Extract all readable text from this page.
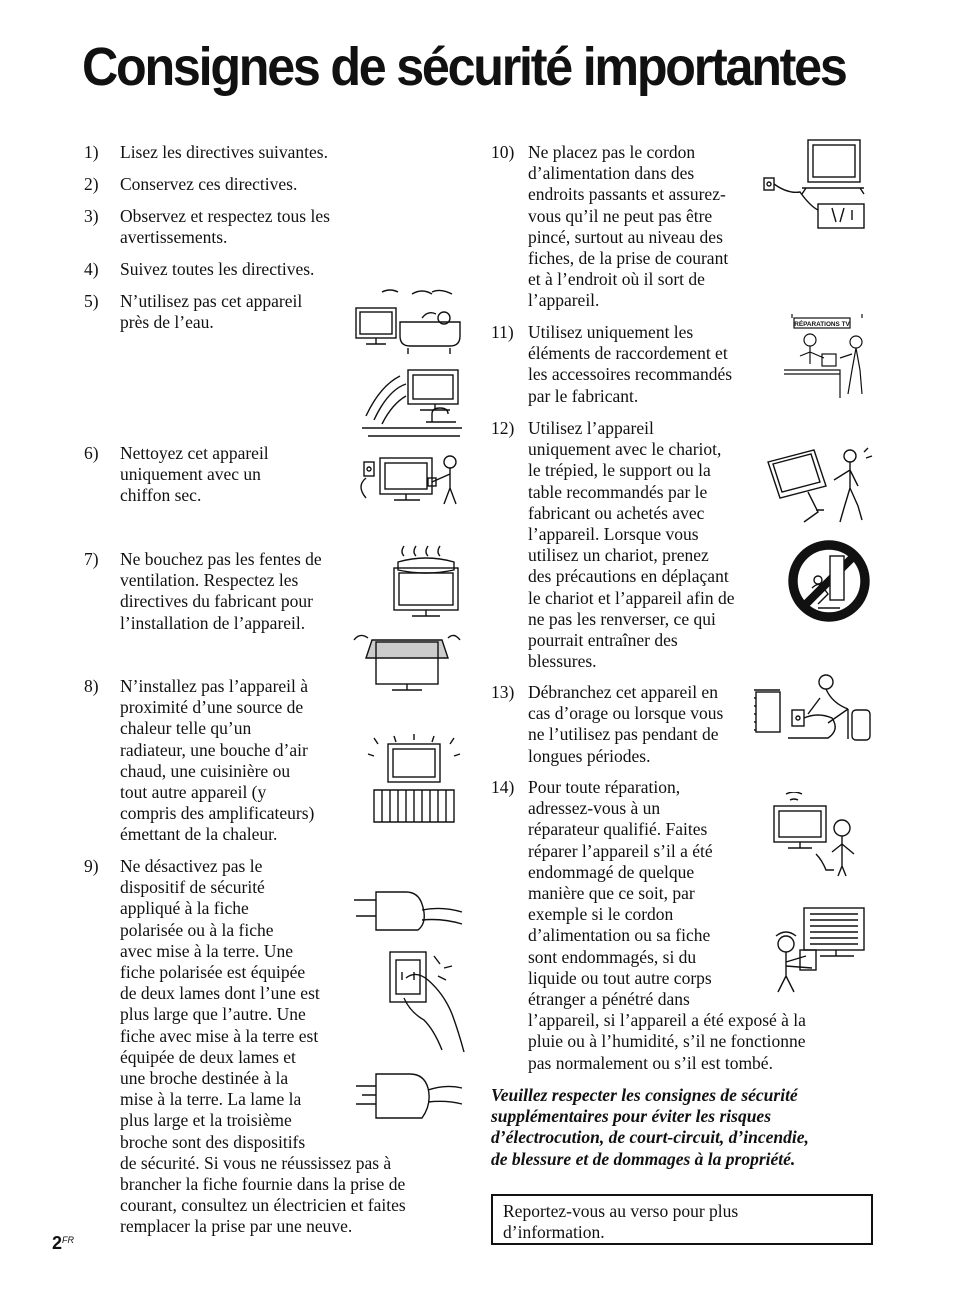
Consignes de sécurité importantes
1) Lisez les directives suivantes.
2) Conservez ces directives.
3) Observez et respectez tous les
avertissements.
4) Suivez toutes les directives.
5) N’utilisez pas cet appareil
près de l’eau.
6) Nettoyez cet appareil
uniquement avec un
chiffon sec.
7) Ne bouchez pas les fentes de
ventilation. Respectez les
directives du fabricant pour
l’installation de l’appareil.
8) N’installez pas l’appareil à
proximité d’une source de
chaleur telle qu’un
radiateur, une bouche d’air
chaud, une cuisinière ou
tout autre appareil (y
compris des amplificateurs)
émettant de la chaleur.
9) Ne désactivez pas le
dispositif de sécurité
appliqué à la fiche
polarisée ou à la fiche
avec mise à la terre. Une
fiche polarisée est équipée
de deux lames dont l’une est
plus large que l’autre. Une
fiche avec mise à la terre est
équipée de deux lames et
une broche destinée à la
mise à la terre. La lame la
plus large et la troisième
broche sont des dispositifs
de sécurité. Si vous ne réussissez pas à
brancher la fiche fournie dans la prise de
courant, consultez un électricien et faites
remplacer la prise par une neuve.
10) Ne placez pas le cordon
d’alimentation dans des
endroits passants et assurez-
vous qu’il ne peut pas être
pincé, surtout au niveau des
fiches, de la prise de courant
et à l’endroit où il sort de
l’appareil.
11) Utilisez uniquement les
éléments de raccordement et
les accessoires recommandés
par le fabricant.
12) Utilisez l’appareil
uniquement avec le chariot,
le trépied, le support ou la
table recommandés par le
fabricant ou achetés avec
l’appareil. Lorsque vous
utilisez un chariot, prenez
des précautions en déplaçant
le chariot et l’appareil afin de
ne pas les renverser, ce qui
pourrait entraîner des
blessures.
13) Débranchez cet appareil en
cas d’orage ou lorsque vous
ne l’utilisez pas pendant de
longues périodes.
14) Pour toute réparation,
adressez-vous à un
réparateur qualifié. Faites
réparer l’appareil s’il a été
endommagé de quelque
manière que ce soit, par
exemple si le cordon
d’alimentation ou sa fiche
sont endommagés, si du
liquide ou tout autre corps
étranger a pénétré dans
l’appareil, si l’appareil a été exposé à la
pluie ou à l’humidité, s’il ne fonctionne
pas normalement ou s’il est tombé.
Veuillez respecter les consignes de sécurité
supplémentaires pour éviter les risques
d’électrocution, de court-circuit, d’incendie,
de blessure et de dommages à la propriété.
Reportez-vous au verso pour plus
d’information.
$2^{FR}$
RÉPARATIONS TV
